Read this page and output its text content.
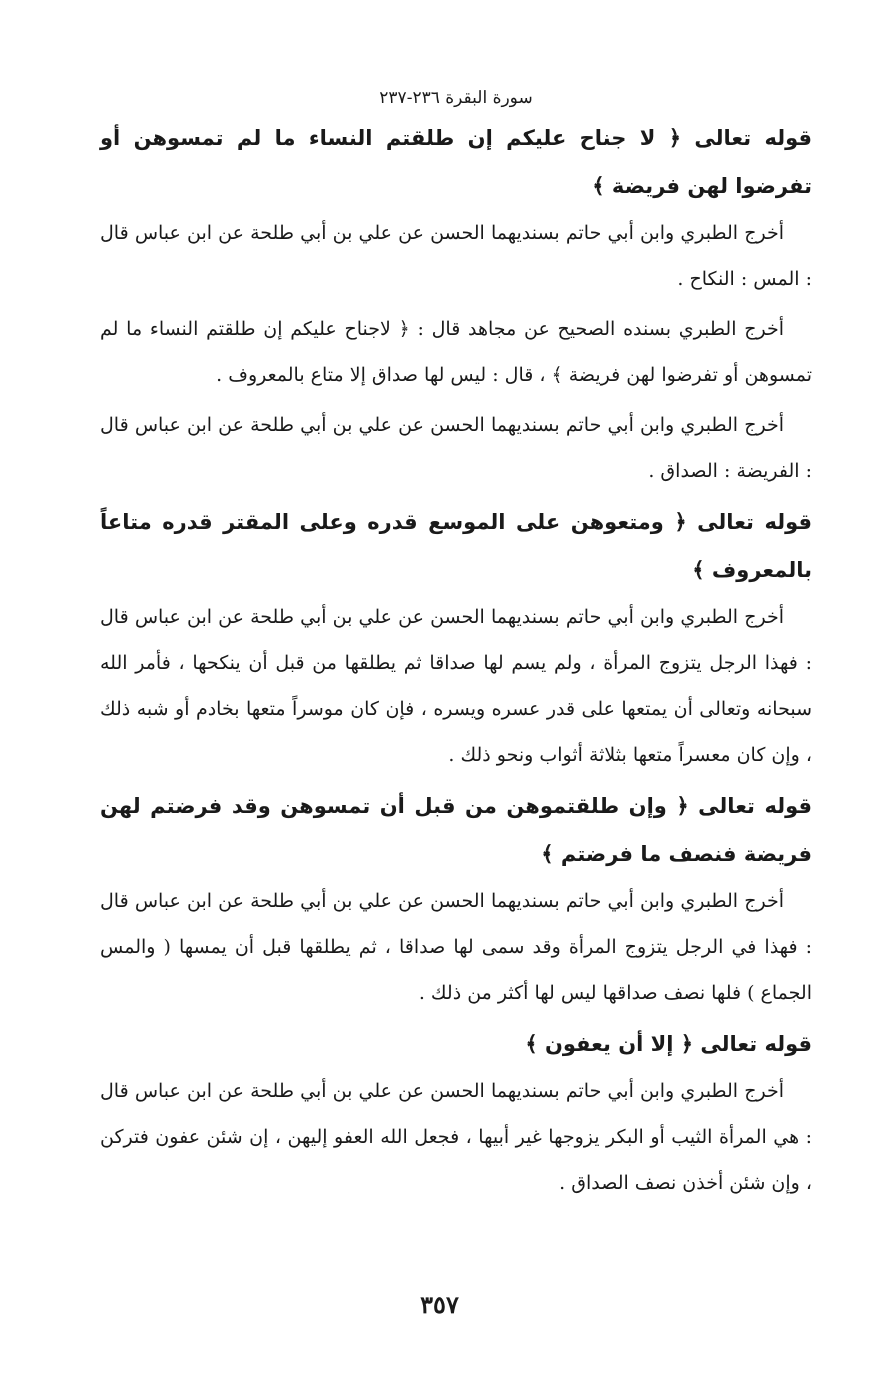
سورة البقرة ٢٣٦-٢٣٧
قوله تعالى ﴿ لا جناح عليكم إن طلقتم النساء ما لم تمسوهن أو تفرضوا لهن فريضة ﴾

أخرج الطبري وابن أبي حاتم بسنديهما الحسن عن علي بن أبي طلحة عن ابن عباس قال : المس : النكاح .

أخرج الطبري بسنده الصحيح عن مجاهد قال : ﴿ لاجناح عليكم إن طلقتم النساء ما لم تمسوهن أو تفرضوا لهن فريضة ﴾ ، قال : ليس لها صداق إلا متاع بالمعروف .

أخرج الطبري وابن أبي حاتم بسنديهما الحسن عن علي بن أبي طلحة عن ابن عباس قال : الفريضة : الصداق .

قوله تعالى ﴿ ومتعوهن على الموسع قدره وعلى المقتر قدره متاعاً بالمعروف ﴾

أخرج الطبري وابن أبي حاتم بسنديهما الحسن عن علي بن أبي طلحة عن ابن عباس قال : فهذا الرجل يتزوج المرأة ، ولم يسم لها صداقا ثم يطلقها من قبل أن ينكحها ، فأمر الله سبحانه وتعالى أن يمتعها على قدر عسره ويسره ، فإن كان موسراً متعها بخادم أو شبه ذلك ، وإن كان معسراً متعها بثلاثة أثواب ونحو ذلك .

قوله تعالى ﴿ وإن طلقتموهن من قبل أن تمسوهن وقد فرضتم لهن فريضة فنصف ما فرضتم ﴾

أخرج الطبري وابن أبي حاتم بسنديهما الحسن عن علي بن أبي طلحة عن ابن عباس قال : فهذا في الرجل يتزوج المرأة وقد سمى لها صداقا ، ثم يطلقها قبل أن يمسها ( والمس الجماع ) فلها نصف صداقها ليس لها أكثر من ذلك .

قوله تعالى ﴿ إلا أن يعفون ﴾

أخرج الطبري وابن أبي حاتم بسنديهما الحسن عن علي بن أبي طلحة عن ابن عباس قال : هي المرأة الثيب أو البكر يزوجها غير أبيها ، فجعل الله العفو إليهن ، إن شئن عفون فتركن ، وإن شئن أخذن نصف الصداق .

٣٥٧
